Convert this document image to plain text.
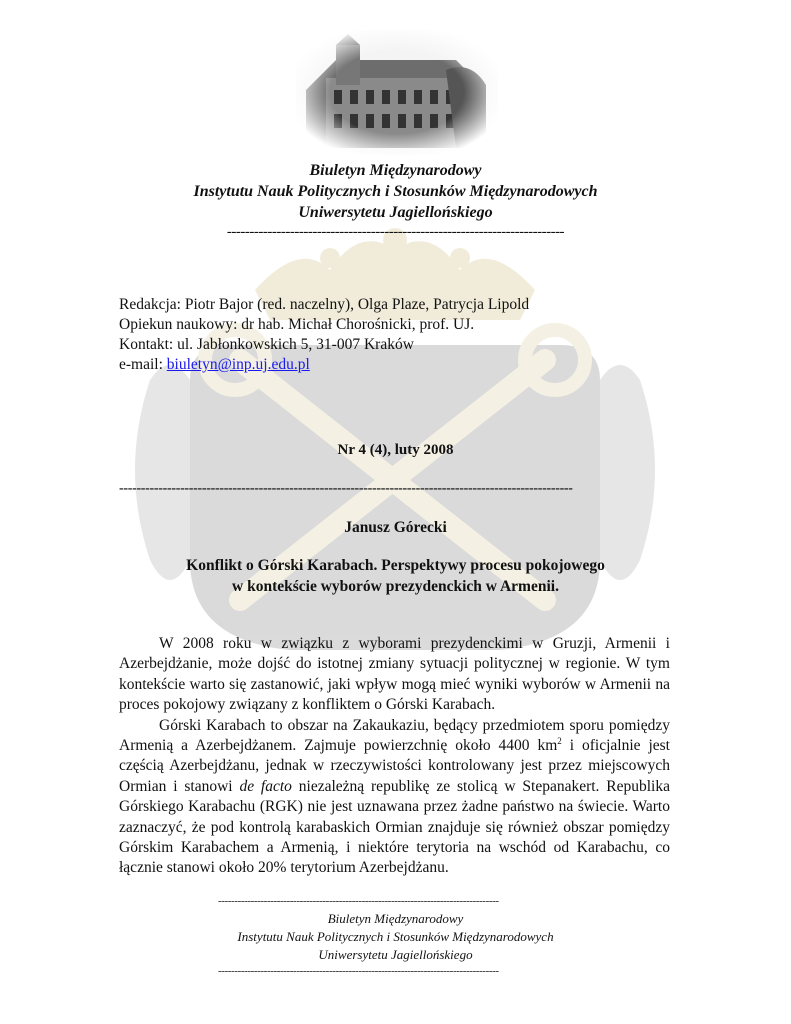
Biuletyn Międzynarodowy
Instytutu Nauk Politycznych i Stosunków Międzynarodowych
Uniwersytetu Jagiellońskiego
---------------------------------------------------------------------------
Redakcja: Piotr Bajor (red. naczelny), Olga Plaze, Patrycja Lipold
Opiekun naukowy: dr hab. Michał Chorośnicki, prof. UJ.
Kontakt: ul. Jabłonkowskich 5, 31-007 Kraków
e-mail: biuletyn@inp.uj.edu.pl
Nr 4 (4), luty 2008
--------------------------------------------------------------------------------------------------------
Janusz Górecki
Konflikt o Górski Karabach. Perspektywy procesu pokojowego
w kontekście wyborów prezydenckich w Armenii.

W 2008 roku w związku z wyborami prezydenckimi w Gruzji, Armenii i Azerbejdżanie, może dojść do istotnej zmiany sytuacji politycznej w regionie. W tym kontekście warto się zastanowić, jaki wpływ mogą mieć wyniki wyborów w Armenii na proces pokojowy związany z konfliktem o Górski Karabach.

Górski Karabach to obszar na Zakaukaziu, będący przedmiotem sporu pomiędzy Armenią a Azerbejdżanem. Zajmuje powierzchnię około 4400 $km^2$ i oficjalnie jest częścią Azerbejdżanu, jednak w rzeczywistości kontrolowany jest przez miejscowych Ormian i stanowi de facto niezależną republikę ze stolicą w Stepanakert. Republika Górskiego Karabachu (RGK) nie jest uznawana przez żadne państwo na świecie. Warto zaznaczyć, że pod kontrolą karabaskich Ormian znajduje się również obszar pomiędzy Górskim Karabachem a Armenią, i niektóre terytoria na wschód od Karabachu, co łącznie stanowi około 20% terytorium Azerbejdżanu.

--------------------------------------------------------------------------------------
Biuletyn Międzynarodowy
Instytutu Nauk Politycznych i Stosunków Międzynarodowych
Uniwersytetu Jagiellońskiego
--------------------------------------------------------------------------------------
